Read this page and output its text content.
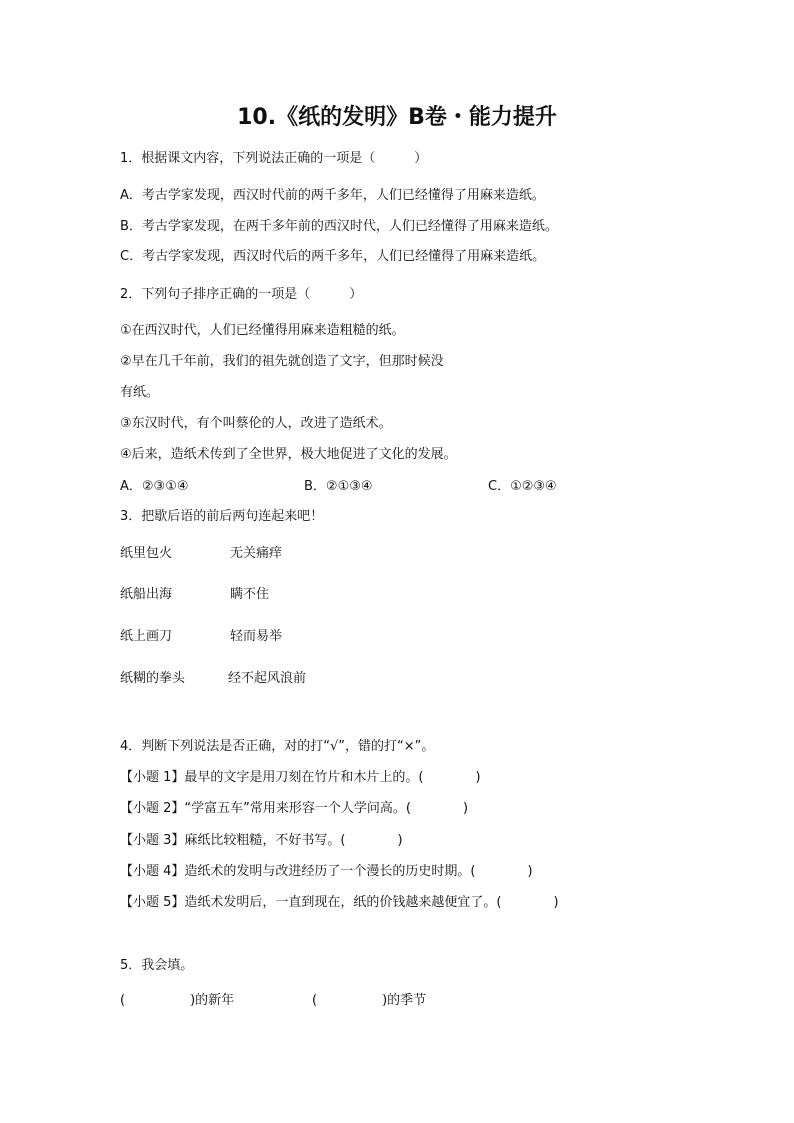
10.《纸的发明》B卷・能力提升
1．根据课文内容，下列说法正确的一项是（　　　）
A．考古学家发现，西汉时代前的两千多年，人们已经懂得了用麻来造纸。
B．考古学家发现，在两千多年前的西汉时代，人们已经懂得了用麻来造纸。
C．考古学家发现，西汉时代后的两千多年，人们已经懂得了用麻来造纸。
2．下列句子排序正确的一项是（　　　）
①在西汉时代，人们已经懂得用麻来造粗糙的纸。
②早在几千年前，我们的祖先就创造了文字，但那时候没
有纸。
③东汉时代，有个叫蔡伦的人，改进了造纸术。
④后来，造纸术传到了全世界，极大地促进了文化的发展。
A．②③①④	B．②①③④	C．①②③④
3．把歇后语的前后两句连起来吧！
纸里包火	无关痛痒
纸船出海	瞒不住
纸上画刀	轻而易举
纸糊的拳头	经不起风浪前
4．判断下列说法是否正确，对的打“√”，错的打“×”。
【小题 1】最早的文字是用刀刻在竹片和木片上的。(　　　　)
【小题 2】“学富五车”常用来形容一个人学问高。(　　　　)
【小题 3】麻纸比较粗糙，不好书写。(　　　　)
【小题 4】造纸术的发明与改进经历了一个漫长的历史时期。(　　　　)
【小题 5】造纸术发明后，一直到现在，纸的价钱越来越便宜了。(　　　　)
5．我会填。
(　　　　　)的新年	(　　　　　)的季节
